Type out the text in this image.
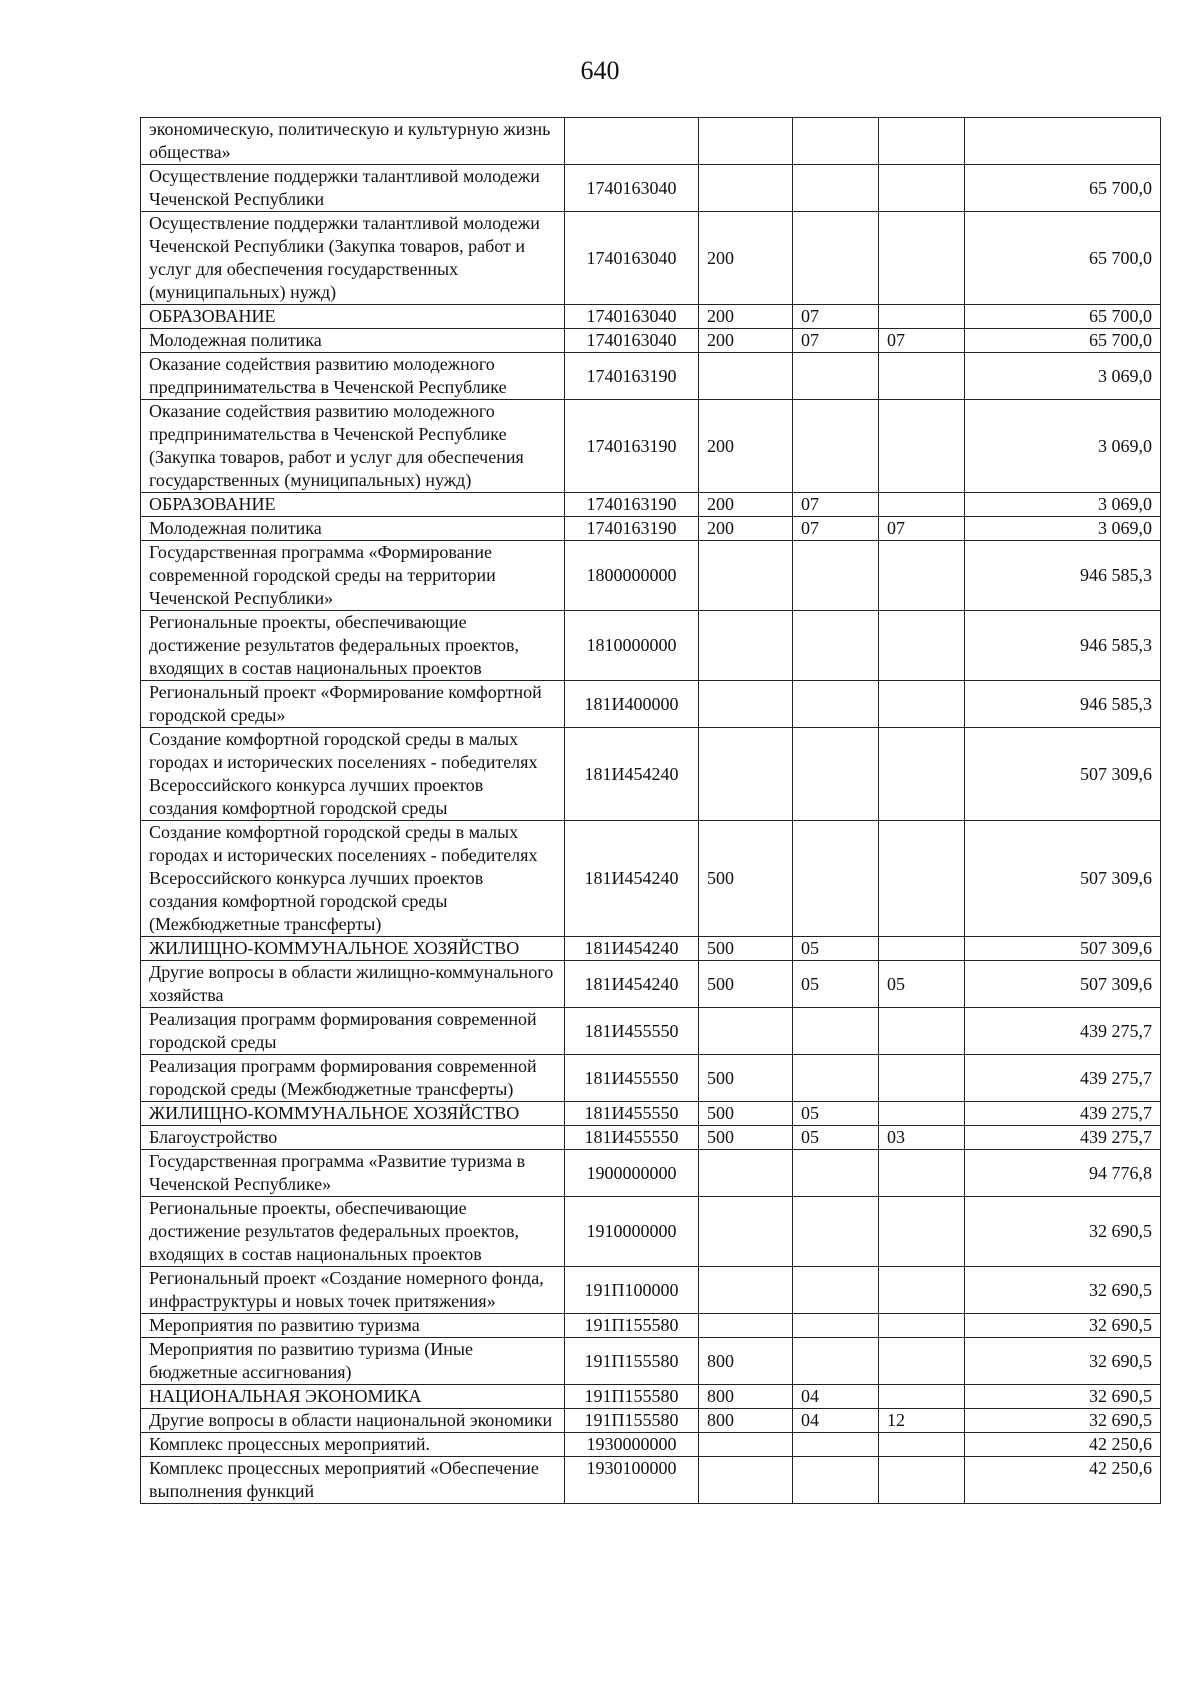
640
экономическую, политическую и культурную жизнь общества»					
Осуществление поддержки талантливой молодежи Чеченской Республики	1740163040				65 700,0
Осуществление поддержки талантливой молодежи Чеченской Республики (Закупка товаров, работ и услуг для обеспечения государственных (муниципальных) нужд)	1740163040	200			65 700,0
ОБРАЗОВАНИЕ	1740163040	200	07		65 700,0
Молодежная политика	1740163040	200	07	07	65 700,0
Оказание содействия развитию молодежного предпринимательства в Чеченской Республике	1740163190				3 069,0
Оказание содействия развитию молодежного предпринимательства в Чеченской Республике (Закупка товаров, работ и услуг для обеспечения государственных (муниципальных) нужд)	1740163190	200			3 069,0
ОБРАЗОВАНИЕ	1740163190	200	07		3 069,0
Молодежная политика	1740163190	200	07	07	3 069,0
Государственная программа «Формирование современной городской среды на территории Чеченской Республики»	1800000000				946 585,3
Региональные проекты, обеспечивающие достижение результатов федеральных проектов, входящих в состав национальных проектов	1810000000				946 585,3
Региональный проект «Формирование комфортной городской среды»	181И400000				946 585,3
Создание комфортной городской среды в малых городах и исторических поселениях - победителях Всероссийского конкурса лучших проектов создания комфортной городской среды	181И454240				507 309,6
Создание комфортной городской среды в малых городах и исторических поселениях - победителях Всероссийского конкурса лучших проектов создания комфортной городской среды (Межбюджетные трансферты)	181И454240	500			507 309,6
ЖИЛИЩНО-КОММУНАЛЬНОЕ ХОЗЯЙСТВО	181И454240	500	05		507 309,6
Другие вопросы в области жилищно-коммунального хозяйства	181И454240	500	05	05	507 309,6
Реализация программ формирования современной городской среды	181И455550				439 275,7
Реализация программ формирования современной городской среды (Межбюджетные трансферты)	181И455550	500			439 275,7
ЖИЛИЩНО-КОММУНАЛЬНОЕ ХОЗЯЙСТВО	181И455550	500	05		439 275,7
Благоустройство	181И455550	500	05	03	439 275,7
Государственная программа «Развитие туризма в Чеченской Республике»	1900000000				94 776,8
Региональные проекты, обеспечивающие достижение результатов федеральных проектов, входящих в состав национальных проектов	1910000000				32 690,5
Региональный проект «Создание номерного фонда, инфраструктуры и новых точек притяжения»	191П100000				32 690,5
Мероприятия по развитию туризма	191П155580				32 690,5
Мероприятия по развитию туризма (Иные бюджетные ассигнования)	191П155580	800			32 690,5
НАЦИОНАЛЬНАЯ ЭКОНОМИКА	191П155580	800	04		32 690,5
Другие вопросы в области национальной экономики	191П155580	800	04	12	32 690,5
Комплекс процессных мероприятий.	1930000000				42 250,6
Комплекс процессных мероприятий «Обеспечение выполнения функций	1930100000				42 250,6
